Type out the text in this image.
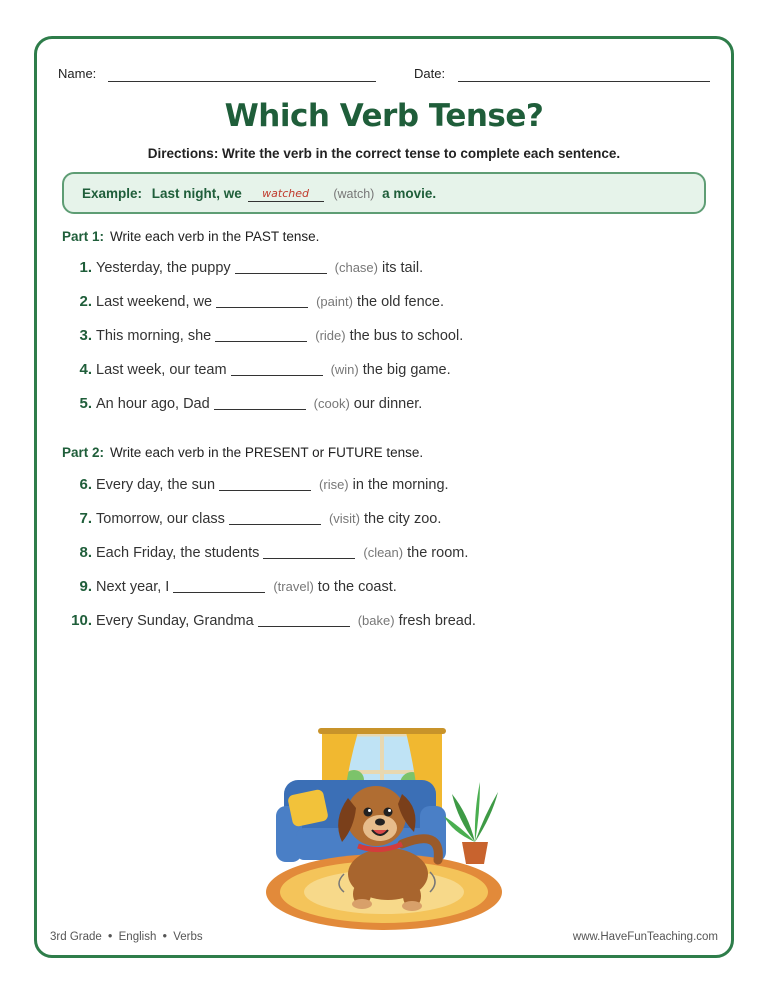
Name:	Date:
Which Verb Tense?
Directions: Write the verb in the correct tense to complete each sentence.
Example: Last night, we watched (watch) a movie.
Part 1: Write each verb in the PAST tense.
1. Yesterday, the puppy	(chase) its tail.
2. Last weekend, we	(paint) the old fence.
3. This morning, she	(ride) the bus to school.
4. Last week, our team	(win) the big game.
5. An hour ago, Dad	(cook) our dinner.
Part 2: Write each verb in the PRESENT or FUTURE tense.
6. Every day, the sun	(rise) in the morning.
7. Tomorrow, our class	(visit) the city zoo.
8. Each Friday, the students	(clean) the room.
9. Next year, I	(travel) to the coast.
10. Every Sunday, Grandma	(bake) fresh bread.
3rd Grade ● English ● Verbs	www.HaveFunTeaching.com
